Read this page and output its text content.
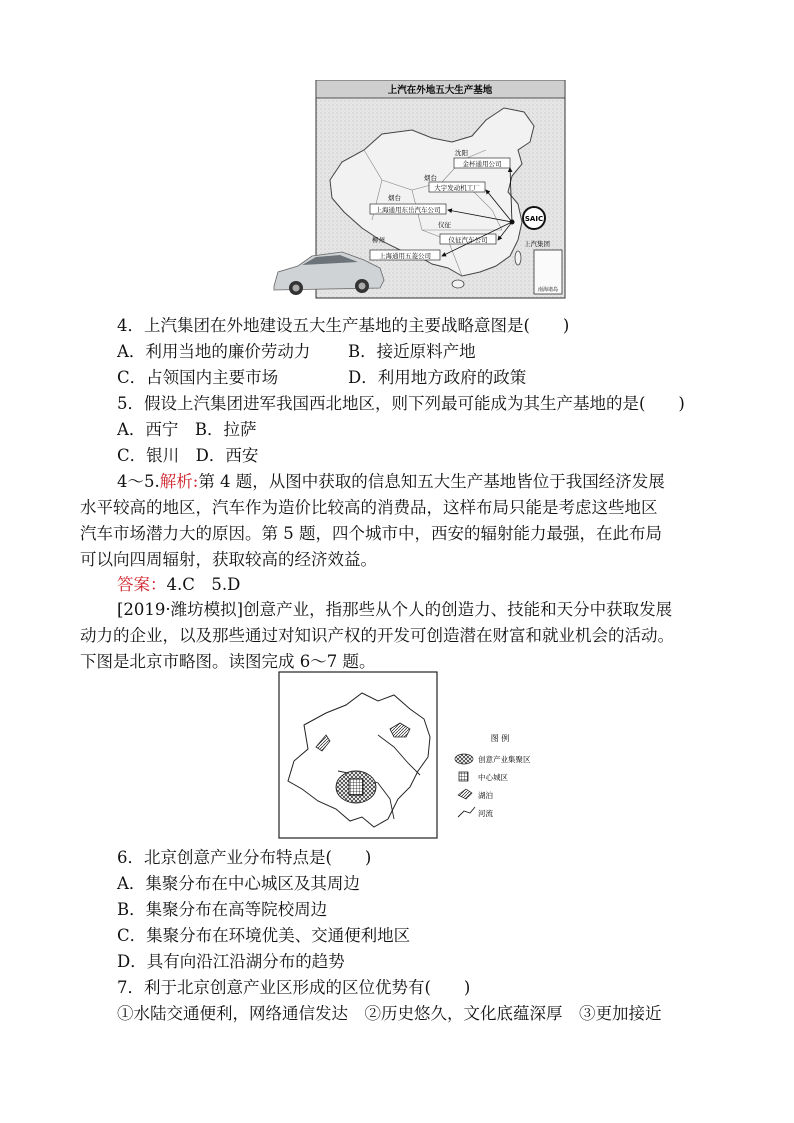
上汽在外地五大生产基地
南海诸岛
沈阳
金杯通用公司
烟台
大宇发动机工厂
烟台
上海通用东岳汽车公司
仪征
仪征汽车公司
柳州
上海通用五菱公司
SAIC
上汽集团
4．上汽集团在外地建设五大生产基地的主要战略意图是(　　)
A．利用当地的廉价劳动力 B．接近原料产地
C．占领国内主要市场	D．利用地方政府的政策
5．假设上汽集团进军我国西北地区，则下列最可能成为其生产基地的是(　　)
A．西宁　B．拉萨
C．银川　D．西安
4～5.解析:第 4 题，从图中获取的信息知五大生产基地皆位于我国经济发展
水平较高的地区，汽车作为造价比较高的消费品，这样布局只能是考虑这些地区
汽车市场潜力大的原因。第 5 题，四个城市中，西安的辐射能力最强，在此布局
可以向四周辐射，获取较高的经济效益。
答案：4.C　5.D
[2019·潍坊模拟]创意产业，指那些从个人的创造力、技能和天分中获取发展
动力的企业，以及那些通过对知识产权的开发可创造潜在财富和就业机会的活动。
下图是北京市略图。读图完成 6～7 题。
图 例
创意产业集聚区
中心城区
湖泊
河流
6．北京创意产业分布特点是(　　)
A．集聚分布在中心城区及其周边
B．集聚分布在高等院校周边
C．集聚分布在环境优美、交通便利地区
D．具有向沿江沿湖分布的趋势
7．利于北京创意产业区形成的区位优势有(　　)
①水陆交通便利，网络通信发达　②历史悠久，文化底蕴深厚　③更加接近
